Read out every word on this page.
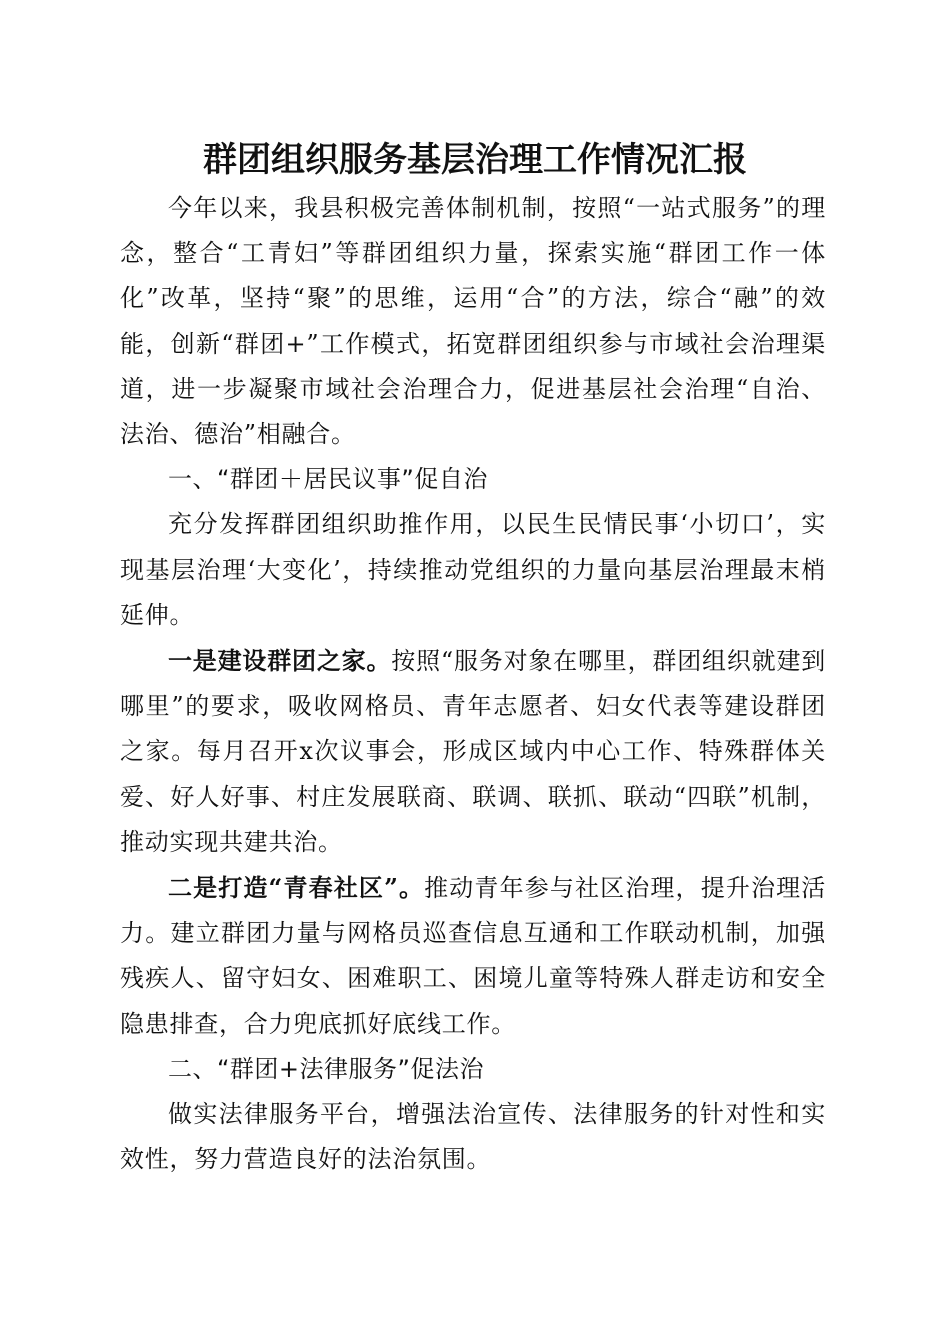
群团组织服务基层治理工作情况汇报

今年以来，我县积极完善体制机制，按照“一站式服务”的理念，整合“工青妇”等群团组织力量，探索实施“群团工作一体化”改革，坚持“聚”的思维，运用“合”的方法，综合“融”的效能，创新“群团+”工作模式，拓宽群团组织参与市域社会治理渠道，进一步凝聚市域社会治理合力，促进基层社会治理“自治、法治、德治”相融合。

一、“群团＋居民议事”促自治

充分发挥群团组织助推作用，以民生民情民事‘小切口’，实现基层治理‘大变化’，持续推动党组织的力量向基层治理最末梢延伸。

一是建设群团之家。按照“服务对象在哪里，群团组织就建到哪里”的要求，吸收网格员、青年志愿者、妇女代表等建设群团之家。每月召开x次议事会，形成区域内中心工作、特殊群体关爱、好人好事、村庄发展联商、联调、联抓、联动“四联”机制，推动实现共建共治。

二是打造“青春社区”。推动青年参与社区治理，提升治理活力。建立群团力量与网格员巡查信息互通和工作联动机制，加强残疾人、留守妇女、困难职工、困境儿童等特殊人群走访和安全隐患排查，合力兜底抓好底线工作。

二、“群团+法律服务”促法治

做实法律服务平台，增强法治宣传、法律服务的针对性和实效性，努力营造良好的法治氛围。
